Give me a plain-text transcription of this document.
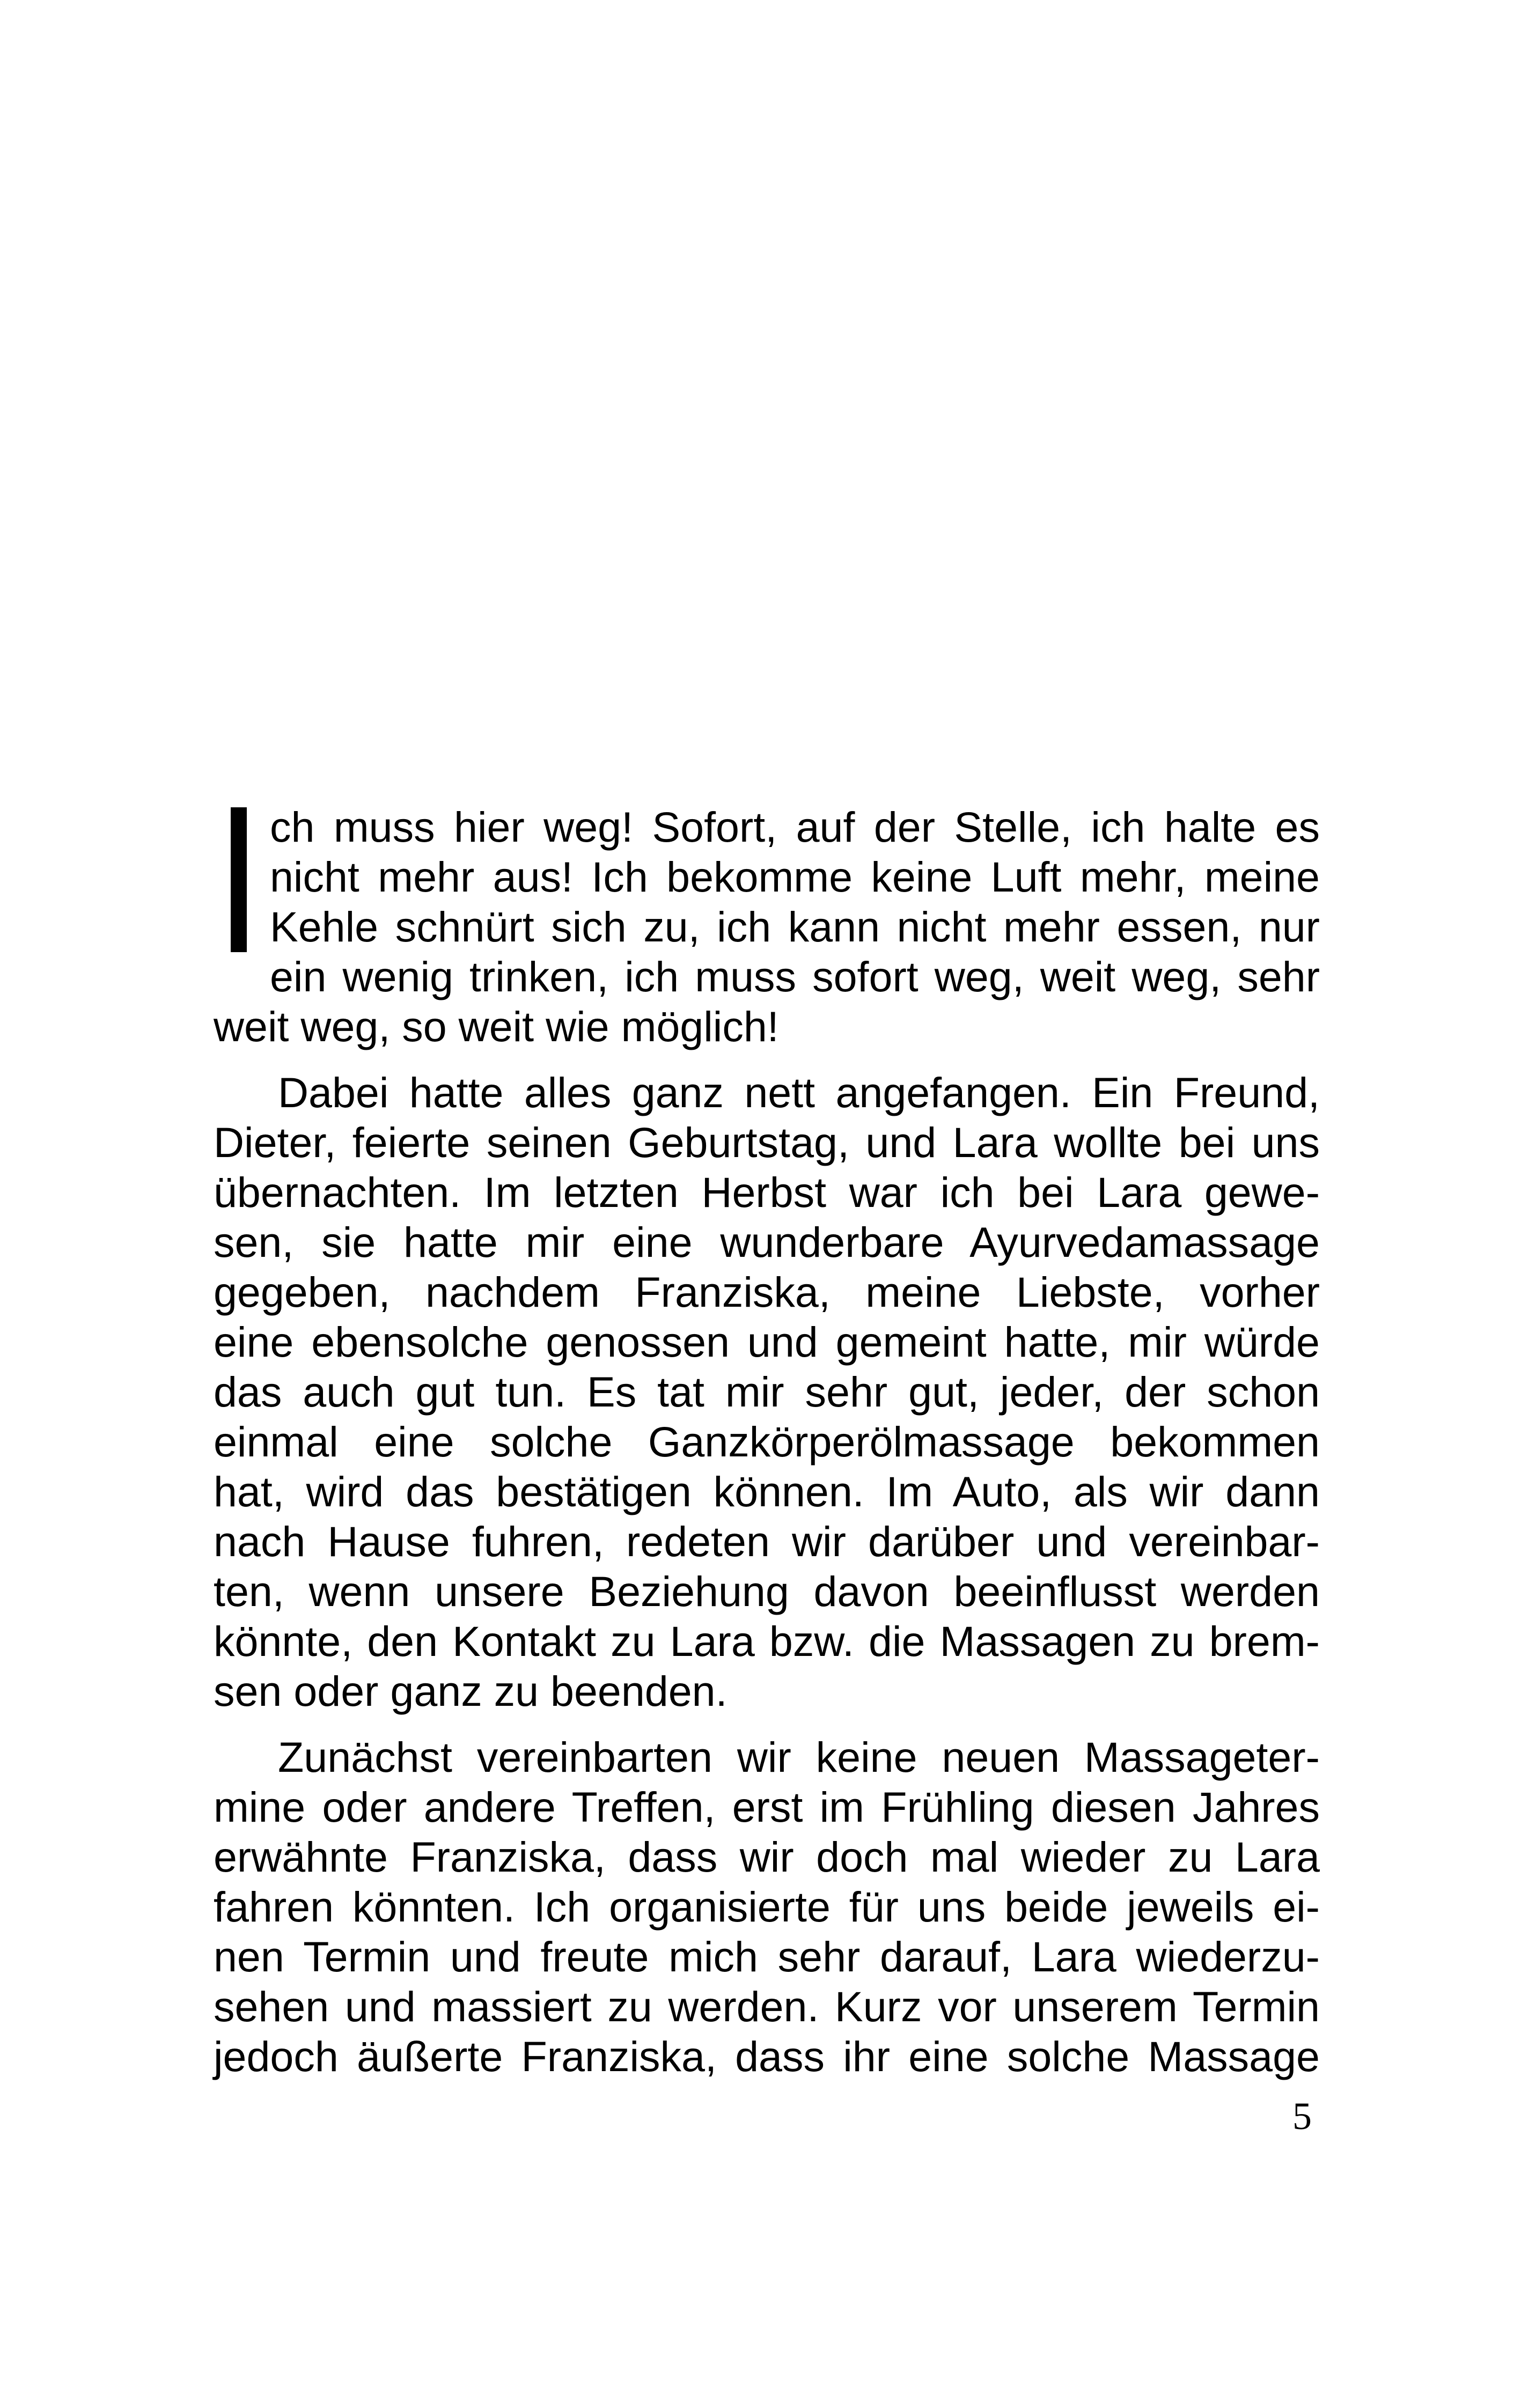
ch muss hier weg! Sofort, auf der Stelle, ich halte es
nicht mehr aus! Ich bekomme keine Luft mehr, meine
Kehle schnürt sich zu, ich kann nicht mehr essen, nur
ein wenig trinken, ich muss sofort weg, weit weg, sehr
weit weg, so weit wie möglich!
Dabei hatte alles ganz nett angefangen. Ein Freund,
Dieter, feierte seinen Geburtstag, und Lara wollte bei uns
übernachten. Im letzten Herbst war ich bei Lara gewe-
sen, sie hatte mir eine wunderbare Ayurvedamassage
gegeben, nachdem Franziska, meine Liebste, vorher
eine ebensolche genossen und gemeint hatte, mir würde
das auch gut tun. Es tat mir sehr gut, jeder, der schon
einmal eine solche Ganzkörperölmassage bekommen
hat, wird das bestätigen können. Im Auto, als wir dann
nach Hause fuhren, redeten wir darüber und vereinbar-
ten, wenn unsere Beziehung davon beeinflusst werden
könnte, den Kontakt zu Lara bzw. die Massagen zu brem-
sen oder ganz zu beenden.
Zunächst vereinbarten wir keine neuen Massageter-
mine oder andere Treffen, erst im Frühling diesen Jahres
erwähnte Franziska, dass wir doch mal wieder zu Lara
fahren könnten. Ich organisierte für uns beide jeweils ei-
nen Termin und freute mich sehr darauf, Lara wiederzu-
sehen und massiert zu werden. Kurz vor unserem Termin
jedoch äußerte Franziska, dass ihr eine solche Massage
5
